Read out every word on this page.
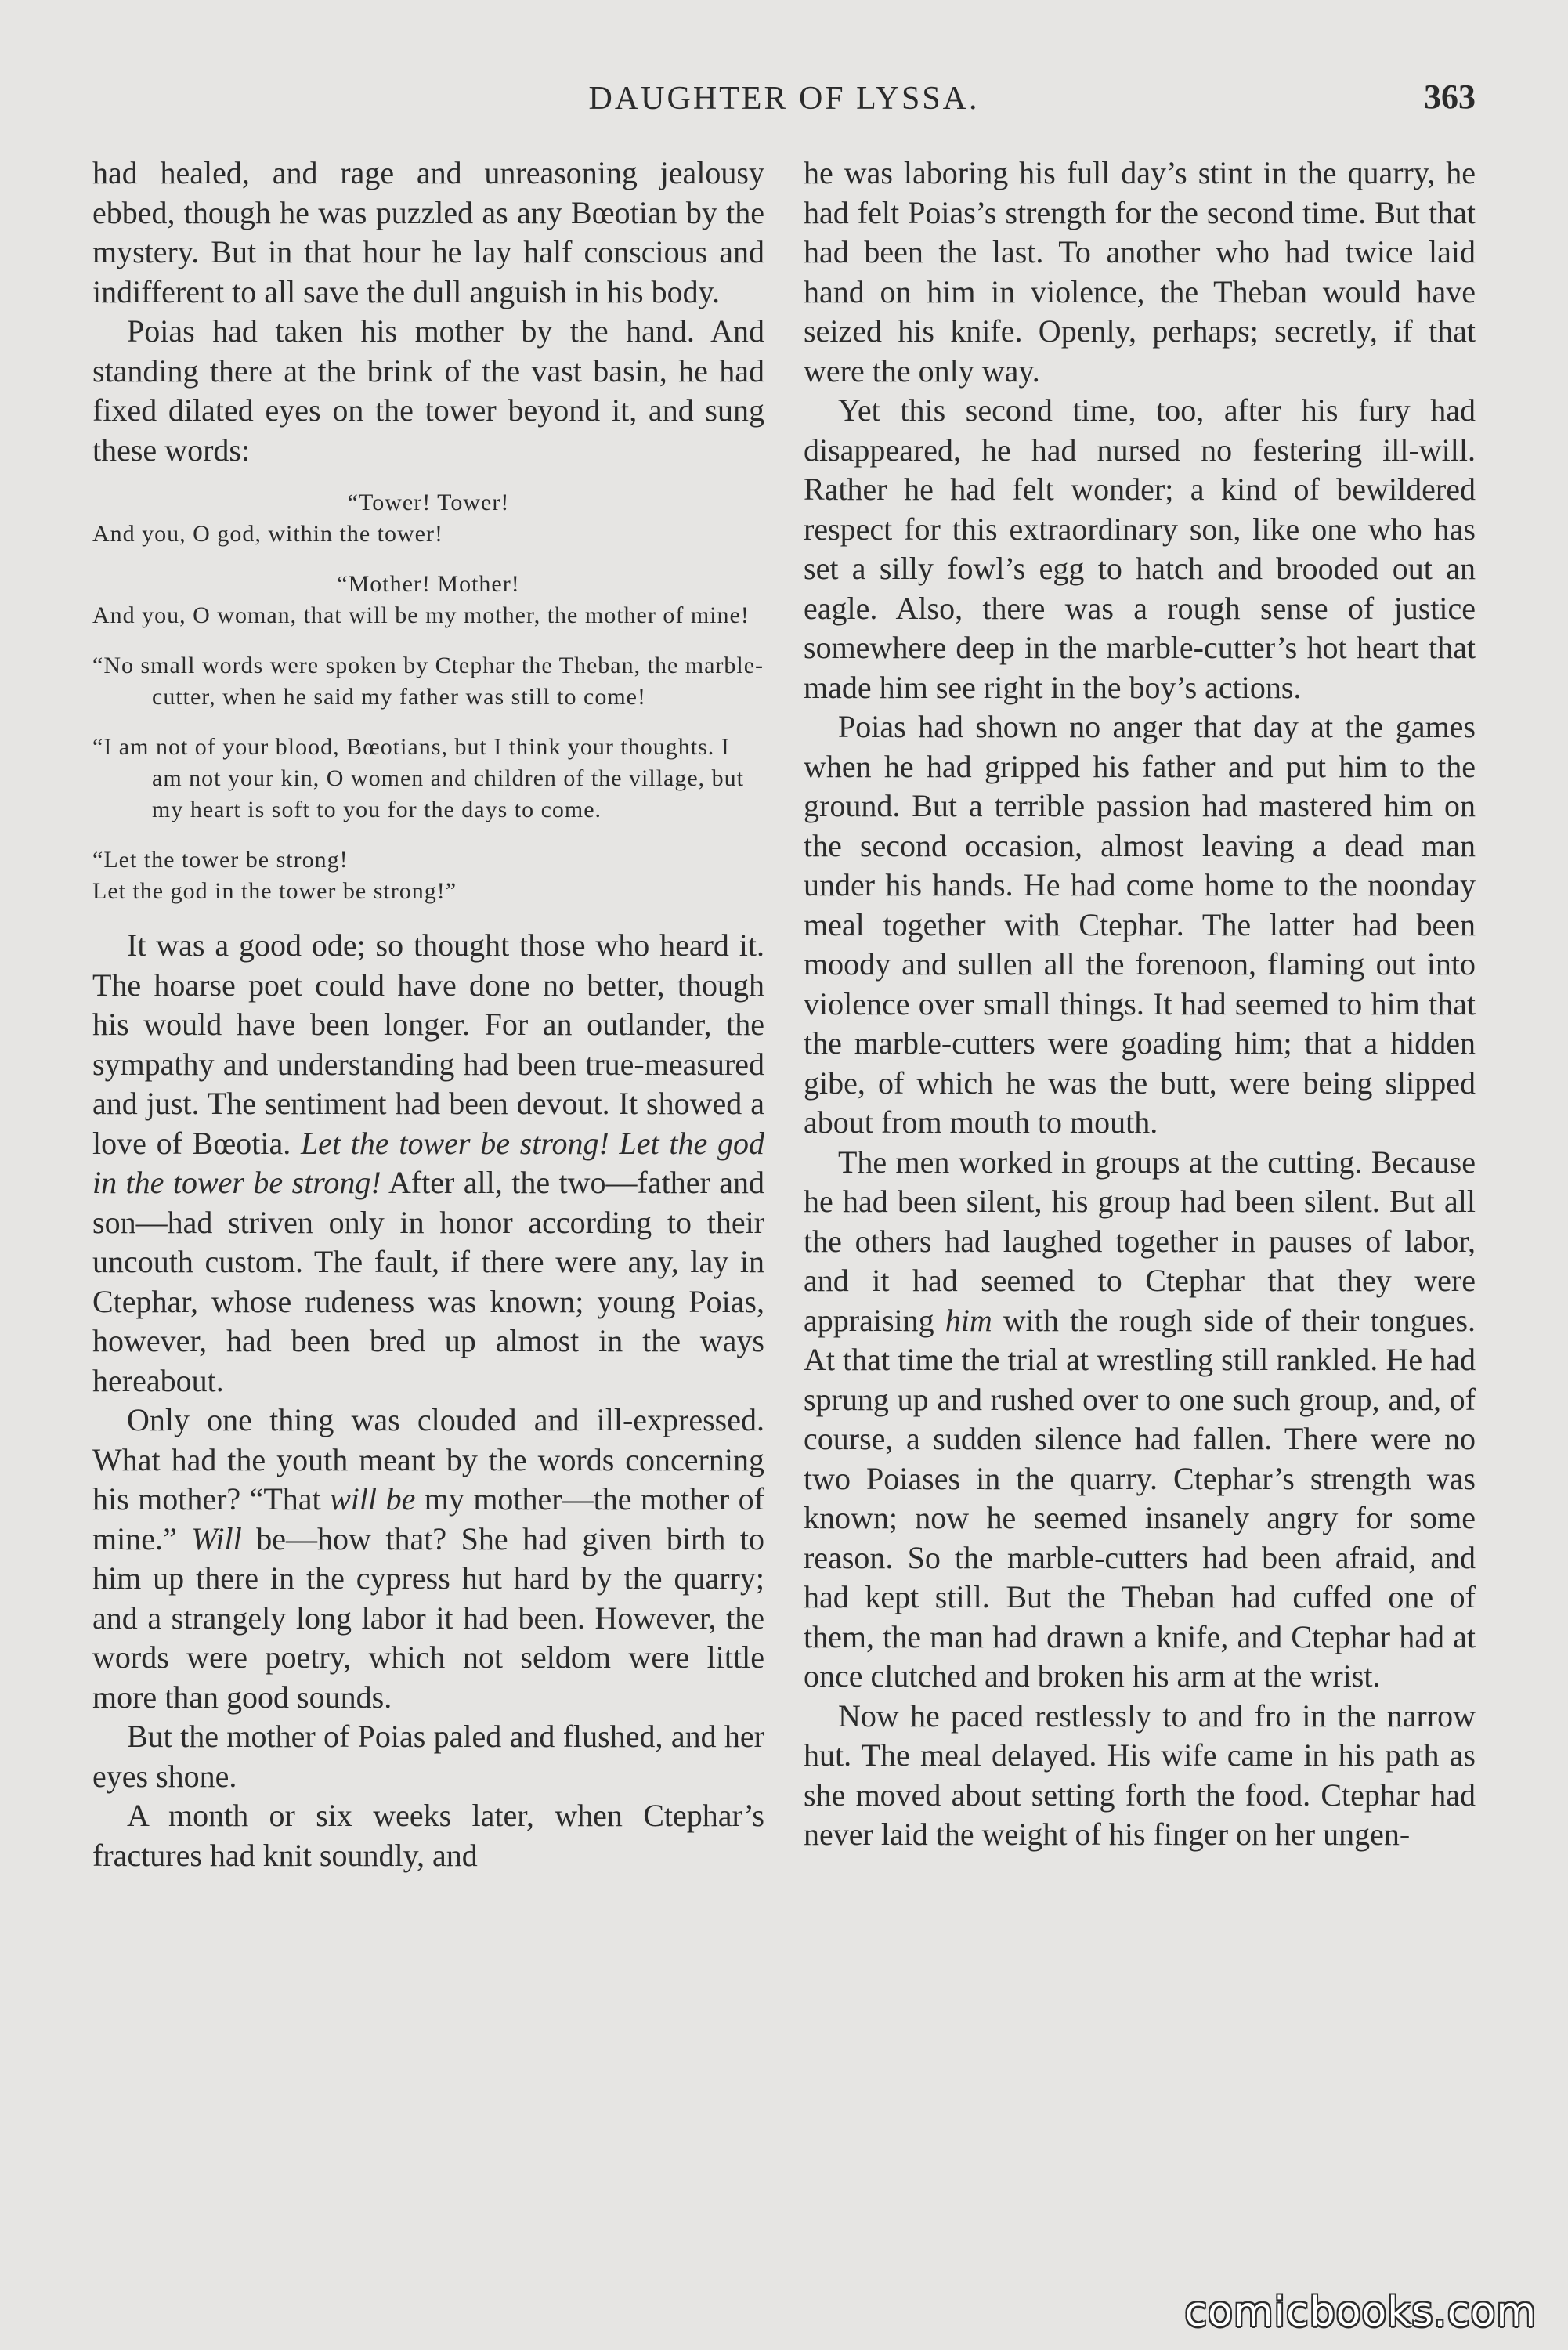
DAUGHTER OF LYSSA.	363

had healed, and rage and unreasoning jealousy ebbed, though he was puzzled as any Bœotian by the mystery. But in that hour he lay half conscious and indifferent to all save the dull anguish in his body.

Poias had taken his mother by the hand. And standing there at the brink of the vast basin, he had fixed dilated eyes on the tower beyond it, and sung these words:

“Tower! Tower!
And you, O god, within the tower!
“Mother! Mother!
And you, O woman, that will be my mother, the mother of mine!
“No small words were spoken by Ctephar the Theban, the marble-cutter, when he said my father was still to come!
“I am not of your blood, Bœotians, but I think your thoughts. I am not your kin, O women and children of the village, but my heart is soft to you for the days to come.
“Let the tower be strong!
Let the god in the tower be strong!”

It was a good ode; so thought those who heard it. The hoarse poet could have done no better, though his would have been longer. For an outlander, the sympathy and understanding had been true-measured and just. The sentiment had been devout. It showed a love of Bœotia. Let the tower be strong! Let the god in the tower be strong! After all, the two—father and son—had striven only in honor according to their uncouth custom. The fault, if there were any, lay in Ctephar, whose rudeness was known; young Poias, however, had been bred up almost in the ways hereabout.

Only one thing was clouded and ill-expressed. What had the youth meant by the words concerning his mother? “That will be my mother—the mother of mine.” Will be—how that? She had given birth to him up there in the cypress hut hard by the quarry; and a strangely long labor it had been. However, the words were poetry, which not seldom were little more than good sounds.

But the mother of Poias paled and flushed, and her eyes shone.

A month or six weeks later, when Ctephar’s fractures had knit soundly, and

he was laboring his full day’s stint in the quarry, he had felt Poias’s strength for the second time. But that had been the last. To another who had twice laid hand on him in violence, the Theban would have seized his knife. Openly, perhaps; secretly, if that were the only way.

Yet this second time, too, after his fury had disappeared, he had nursed no festering ill-will. Rather he had felt wonder; a kind of bewildered respect for this extraordinary son, like one who has set a silly fowl’s egg to hatch and brooded out an eagle. Also, there was a rough sense of justice somewhere deep in the marble-cutter’s hot heart that made him see right in the boy’s actions.

Poias had shown no anger that day at the games when he had gripped his father and put him to the ground. But a terrible passion had mastered him on the second occasion, almost leaving a dead man under his hands. He had come home to the noonday meal together with Ctephar. The latter had been moody and sullen all the forenoon, flaming out into violence over small things. It had seemed to him that the marble-cutters were goading him; that a hidden gibe, of which he was the butt, were being slipped about from mouth to mouth.

The men worked in groups at the cutting. Because he had been silent, his group had been silent. But all the others had laughed together in pauses of labor, and it had seemed to Ctephar that they were appraising him with the rough side of their tongues. At that time the trial at wrestling still rankled. He had sprung up and rushed over to one such group, and, of course, a sudden silence had fallen. There were no two Poiases in the quarry. Ctephar’s strength was known; now he seemed insanely angry for some reason. So the marble-cutters had been afraid, and had kept still. But the Theban had cuffed one of them, the man had drawn a knife, and Ctephar had at once clutched and broken his arm at the wrist.

Now he paced restlessly to and fro in the narrow hut. The meal delayed. His wife came in his path as she moved about setting forth the food. Ctephar had never laid the weight of his finger on her ungen-

comicbooks.com
